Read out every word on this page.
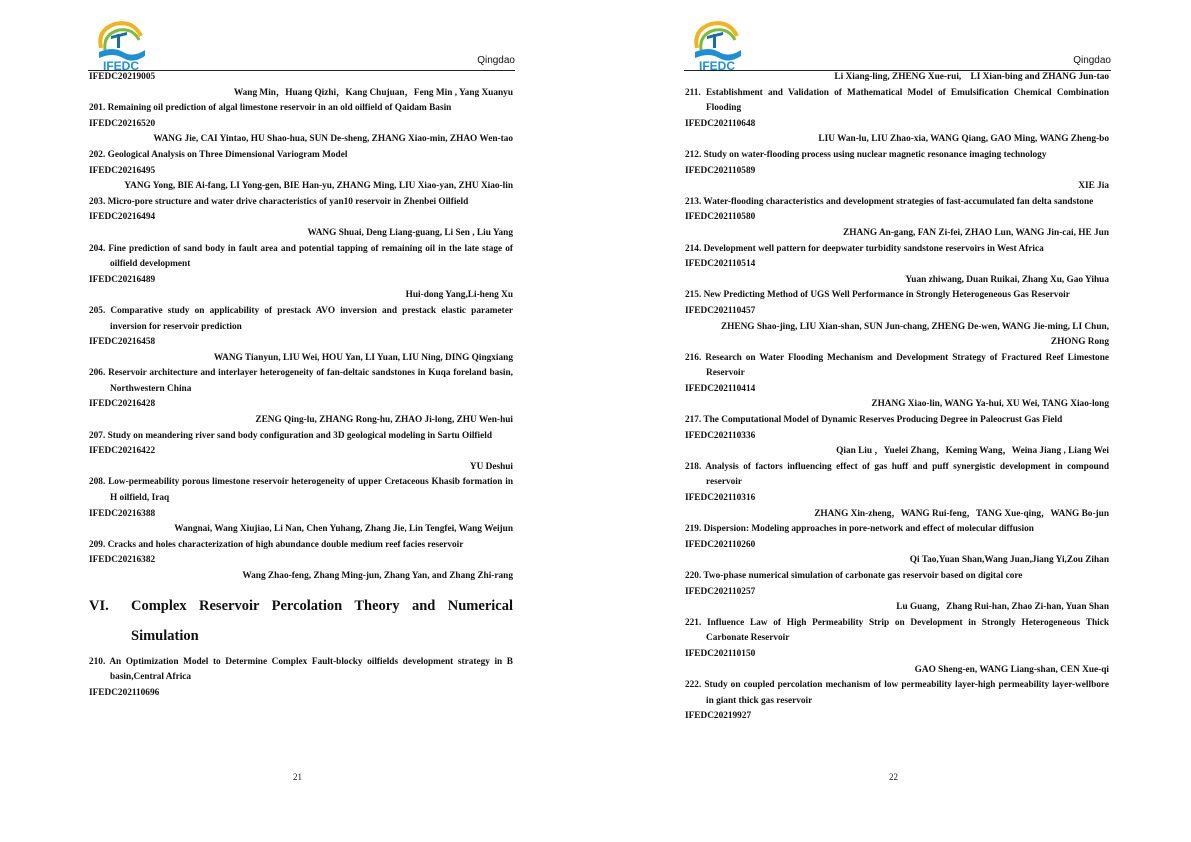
IFEDC	Qingdao
IFEDC20219005
Wang Min，Huang Qizhi，Kang Chujuan，Feng Min , Yang Xuanyu
201. Remaining oil prediction of algal limestone reservoir in an old oilfield of Qaidam Basin
IFEDC20216520
WANG Jie, CAI Yintao, HU Shao-hua, SUN De-sheng, ZHANG Xiao-min, ZHAO Wen-tao
202. Geological Analysis on Three Dimensional Variogram Model
IFEDC20216495
YANG Yong, BIE Ai-fang, LI Yong-gen, BIE Han-yu, ZHANG Ming, LIU Xiao-yan, ZHU Xiao-lin
203. Micro-pore structure and water drive characteristics of yan10 reservoir in Zhenbei Oilfield
IFEDC20216494
WANG Shuai, Deng Liang-guang, Li Sen , Liu Yang
204. Fine prediction of sand body in fault area and potential tapping of remaining oil in the late stage of oilfield development
IFEDC20216489
Hui-dong Yang,Li-heng Xu
205. Comparative study on applicability of prestack AVO inversion and prestack elastic parameter inversion for reservoir prediction
IFEDC20216458
WANG Tianyun, LIU Wei, HOU Yan, LI Yuan, LIU Ning, DING Qingxiang
206. Reservoir architecture and interlayer heterogeneity of fan-deltaic sandstones in Kuqa foreland basin, Northwestern China
IFEDC20216428
ZENG Qing-lu, ZHANG Rong-hu, ZHAO Ji-long, ZHU Wen-hui
207. Study on meandering river sand body configuration and 3D geological modeling in Sartu Oilfield
IFEDC20216422
YU Deshui
208. Low-permeability porous limestone reservoir heterogeneity of upper Cretaceous Khasib formation in H oilfield, Iraq
IFEDC20216388
Wangnai, Wang Xiujiao, Li Nan, Chen Yuhang, Zhang Jie, Lin Tengfei, Wang Weijun
209. Cracks and holes characterization of high abundance double medium reef facies reservoir
IFEDC20216382
Wang Zhao-feng, Zhang Ming-jun, Zhang Yan, and Zhang Zhi-rang
VI. Complex Reservoir Percolation Theory and Numerical Simulation
210. An Optimization Model to Determine Complex Fault-blocky oilfields development strategy in B basin,Central Africa
IFEDC202110696
21
IFEDC	Qingdao
Li Xiang-ling, ZHENG Xue-rui,　LI Xian-bing and ZHANG Jun-tao
211. Establishment and Validation of Mathematical Model of Emulsification Chemical Combination Flooding
IFEDC202110648
LIU Wan-lu, LIU Zhao-xia, WANG Qiang, GAO Ming, WANG Zheng-bo
212. Study on water-flooding process using nuclear magnetic resonance imaging technology
IFEDC202110589
XIE Jia
213. Water-flooding characteristics and development strategies of fast-accumulated fan delta sandstone
IFEDC202110580
ZHANG An-gang, FAN Zi-fei, ZHAO Lun, WANG Jin-cai, HE Jun
214. Development well pattern for deepwater turbidity sandstone reservoirs in West Africa
IFEDC202110514
Yuan zhiwang, Duan Ruikai, Zhang Xu, Gao Yihua
215. New Predicting Method of UGS Well Performance in Strongly Heterogeneous Gas Reservoir
IFEDC202110457
ZHENG Shao-jing, LIU Xian-shan, SUN Jun-chang, ZHENG De-wen, WANG Jie-ming, LI Chun,　ZHONG Rong
216. Research on Water Flooding Mechanism and Development Strategy of Fractured Reef Limestone Reservoir
IFEDC202110414
ZHANG Xiao-lin, WANG Ya-hui, XU Wei, TANG Xiao-long
217. The Computational Model of Dynamic Reserves Producing Degree in Paleocrust Gas Field
IFEDC202110336
Qian Liu ，Yuelei Zhang，Keming Wang，Weina Jiang , Liang Wei
218. Analysis of factors influencing effect of gas huff and puff synergistic development in compound reservoir
IFEDC202110316
ZHANG Xin-zheng，WANG Rui-feng，TANG Xue-qing，WANG Bo-jun
219. Dispersion: Modeling approaches in pore-network and effect of molecular diffusion
IFEDC202110260
Qi Tao,Yuan Shan,Wang Juan,Jiang Yi,Zou Zihan
220. Two-phase numerical simulation of carbonate gas reservoir based on digital core
IFEDC202110257
Lu Guang，Zhang Rui-han, Zhao Zi-han, Yuan Shan
221. Influence Law of High Permeability Strip on Development in Strongly Heterogeneous Thick Carbonate Reservoir
IFEDC202110150
GAO Sheng-en, WANG Liang-shan, CEN Xue-qi
222. Study on coupled percolation mechanism of low permeability layer-high permeability layer-wellbore in giant thick gas reservoir
IFEDC20219927
22
